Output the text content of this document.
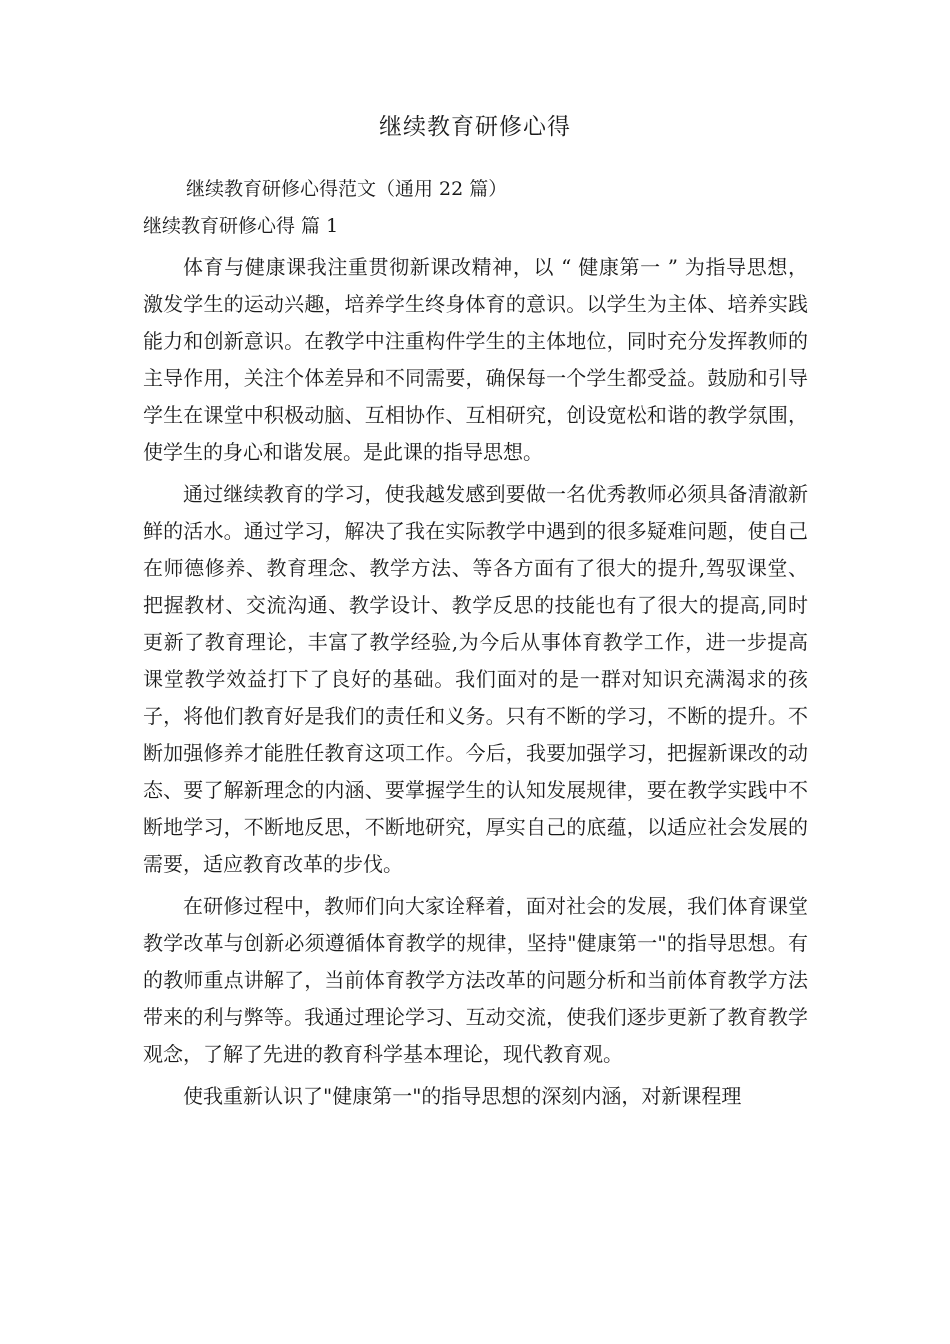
继续教育研修心得
继续教育研修心得范文（通用 22 篇）
继续教育研修心得 篇 1

体育与健康课我注重贯彻新课改精神，以 “ 健康第一 ” 为指导思想，激发学生的运动兴趣，培养学生终身体育的意识。以学生为主体、培养实践能力和创新意识。在教学中注重构件学生的主体地位，同时充分发挥教师的主导作用，关注个体差异和不同需要，确保每一个学生都受益。鼓励和引导学生在课堂中积极动脑、互相协作、互相研究，创设宽松和谐的教学氛围，使学生的身心和谐发展。是此课的指导思想。

通过继续教育的学习，使我越发感到要做一名优秀教师必须具备清澈新鲜的活水。通过学习，解决了我在实际教学中遇到的很多疑难问题，使自己在师德修养、教育理念、教学方法、等各方面有了很大的提升,驾驭课堂、把握教材、交流沟通、教学设计、教学反思的技能也有了很大的提高,同时更新了教育理论，丰富了教学经验,为今后从事体育教学工作，进一步提高课堂教学效益打下了良好的基础。我们面对的是一群对知识充满渴求的孩子，将他们教育好是我们的责任和义务。只有不断的学习，不断的提升。不断加强修养才能胜任教育这项工作。今后，我要加强学习，把握新课改的动态、要了解新理念的内涵、要掌握学生的认知发展规律，要在教学实践中不断地学习，不断地反思，不断地研究，厚实自己的底蕴，以适应社会发展的需要，适应教育改革的步伐。

在研修过程中，教师们向大家诠释着，面对社会的发展，我们体育课堂教学改革与创新必须遵循体育教学的规律，坚持"健康第一"的指导思想。有的教师重点讲解了，当前体育教学方法改革的问题分析和当前体育教学方法带来的利与弊等。我通过理论学习、互动交流，使我们逐步更新了教育教学观念，了解了先进的教育科学基本理论，现代教育观。

使我重新认识了"健康第一"的指导思想的深刻内涵，对新课程理
